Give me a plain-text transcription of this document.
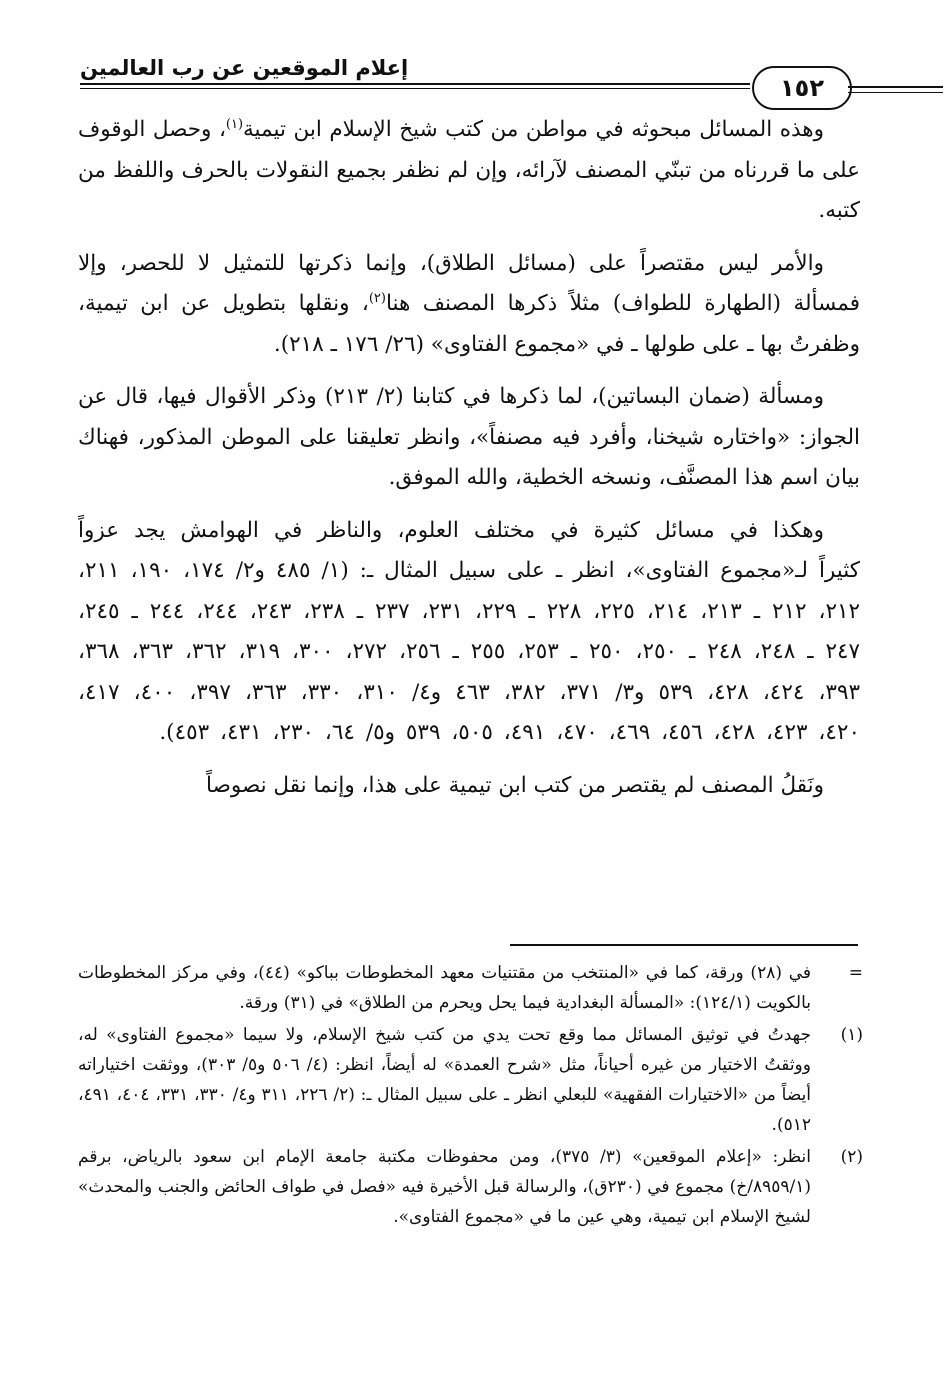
إعلام الموقعين عن رب العالمين
١٥٢

وهذه المسائل مبحوثه في مواطن من كتب شيخ الإسلام ابن تيمية$^{(١)}$، وحصل الوقوف على ما قررناه من تبنّي المصنف لآرائه، وإن لم نظفر بجميع النقولات بالحرف واللفظ من كتبه.

والأمر ليس مقتصراً على (مسائل الطلاق)، وإنما ذكرتها للتمثيل لا للحصر، وإلا فمسألة (الطهارة للطواف) مثلاً ذكرها المصنف هنا$^{(٢)}$، ونقلها بتطويل عن ابن تيمية، وظفرتُ بها ـ على طولها ـ في «مجموع الفتاوى» (٢٦/ ١٧٦ ـ ٢١٨).

ومسألة (ضمان البساتين)، لما ذكرها في كتابنا (٢/ ٢١٣) وذكر الأقوال فيها، قال عن الجواز: «واختاره شيخنا، وأفرد فيه مصنفاً»، وانظر تعليقنا على الموطن المذكور، فهناك بيان اسم هذا المصنَّف، ونسخه الخطية، والله الموفق.

وهكذا في مسائل كثيرة في مختلف العلوم، والناظر في الهوامش يجد عزواً كثيراً لـ«مجموع الفتاوى»، انظر ـ على سبيل المثال ـ: (١/ ٤٨٥ و٢/ ١٧٤، ١٩٠، ٢١١، ٢١٢، ٢١٢ ـ ٢١٣، ٢١٤، ٢٢٥، ٢٢٨ ـ ٢٢٩، ٢٣١، ٢٣٧ ـ ٢٣٨، ٢٤٣، ٢٤٤، ٢٤٤ ـ ٢٤٥، ٢٤٧ ـ ٢٤٨، ٢٤٨ ـ ٢٥٠، ٢٥٠ ـ ٢٥٣، ٢٥٥ ـ ٢٥٦، ٢٧٢، ٣٠٠، ٣١٩، ٣٦٢، ٣٦٣، ٣٦٨، ٣٩٣، ٤٢٤، ٤٢٨، ٥٣٩ و٣/ ٣٧١، ٣٨٢، ٤٦٣ و٤/ ٣١٠، ٣٣٠، ٣٦٣، ٣٩٧، ٤٠٠، ٤١٧، ٤٢٠، ٤٢٣، ٤٢٨، ٤٥٦، ٤٦٩، ٤٧٠، ٤٩١، ٥٠٥، ٥٣٩ و٥/ ٦٤، ٢٣٠، ٤٣١، ٤٥٣).

ونَقلُ المصنف لم يقتصر من كتب ابن تيمية على هذا، وإنما نقل نصوصاً

=
في (٢٨) ورقة، كما في «المنتخب من مقتنيات معهد المخطوطات بباكو» (٤٤)، وفي مركز المخطوطات بالكويت (١٢٤/١): «المسألة البغدادية فيما يحل ويحرم من الطلاق» في (٣١) ورقة.
(١)
جهدتُ في توثيق المسائل مما وقع تحت يدي من كتب شيخ الإسلام، ولا سيما «مجموع الفتاوى» له، ووثقتُ الاختيار من غيره أحياناً، مثل «شرح العمدة» له أيضاً، انظر: (٤/ ٥٠٦ و٥/ ٣٠٣)، ووثقت اختياراته أيضاً من «الاختيارات الفقهية» للبعلي انظر ـ على سبيل المثال ـ: (٢/ ٢٢٦، ٣١١ و٤/ ٣٣٠، ٣٣١، ٤٠٤، ٤٩١، ٥١٢).
(٢)
انظر: «إعلام الموقعين» (٣/ ٣٧٥)، ومن محفوظات مكتبة جامعة الإمام ابن سعود بالرياض، برقم (٨٩٥٩/١/خ) مجموع في (٢٣٠ق)، والرسالة قبل الأخيرة فيه «فصل في طواف الحائض والجنب والمحدث» لشيخ الإسلام ابن تيمية، وهي عين ما في «مجموع الفتاوى».
